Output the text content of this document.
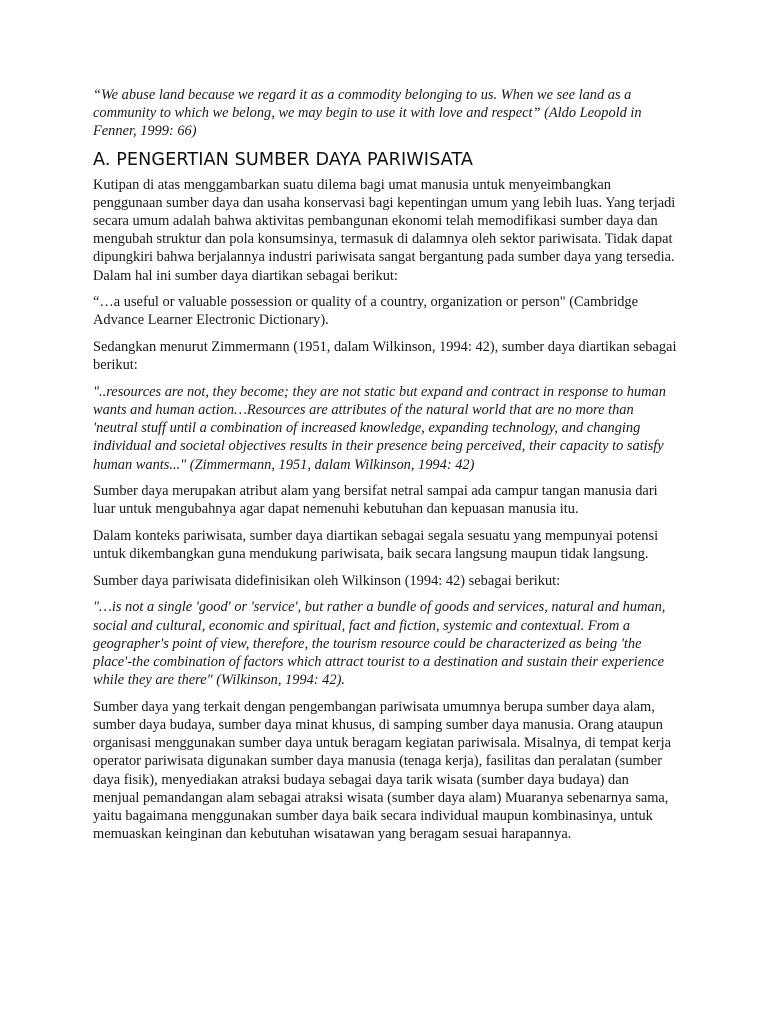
“We abuse land because we regard it as a commodity belonging to us. When we see land as a community to which we belong, we may begin to use it with love and respect” (Aldo Leopold in Fenner, 1999: 66)

A. PENGERTIAN SUMBER DAYA PARIWISATA

Kutipan di atas menggambarkan suatu dilema bagi umat manusia untuk menyeimbangkan penggunaan sumber daya dan usaha konservasi bagi kepentingan umum yang lebih luas. Yang terjadi secara umum adalah bahwa aktivitas pembangunan ekonomi telah memodifikasi sumber daya dan mengubah struktur dan pola konsumsinya, termasuk di dalamnya oleh sektor pariwisata. Tidak dapat dipungkiri bahwa berjalannya industri pariwisata sangat bergantung pada sumber daya yang tersedia. Dalam hal ini sumber daya diartikan sebagai berikut:

“…a useful or valuable possession or quality of a country, organization or person" (Cambridge Advance Learner Electronic Dictionary).

Sedangkan menurut Zimmermann (1951, dalam Wilkinson, 1994: 42), sumber daya diartikan sebagai berikut:

"..resources are not, they become; they are not static but expand and contract in response to human wants and human action…Resources are attributes of the natural world that are no more than 'neutral stuff until a combination of increased knowledge, expanding technology, and changing individual and societal objectives results in their presence being perceived, their capacity to satisfy human wants..." (Zimmermann, 1951, dalam Wilkinson, 1994: 42)

Sumber daya merupakan atribut alam yang bersifat netral sampai ada campur tangan manusia dari luar untuk mengubahnya agar dapat nemenuhi kebutuhan dan kepuasan manusia itu.

Dalam konteks pariwisata, sumber daya diartikan sebagai segala sesuatu yang mempunyai potensi untuk dikembangkan guna mendukung pariwisata, baik secara langsung maupun tidak langsung.

Sumber daya pariwisata didefinisikan oleh Wilkinson (1994: 42) sebagai berikut:

"…is not a single 'good' or 'service', but rather a bundle of goods and services, natural and human, social and cultural, economic and spiritual, fact and fiction, systemic and contextual. From a geographer's point of view, therefore, the tourism resource could be characterized as being 'the place'-the combination of factors which attract tourist to a destination and sustain their experience while they are there" (Wilkinson, 1994: 42).

Sumber daya yang terkait dengan pengembangan pariwisata umumnya berupa sumber daya alam, sumber daya budaya, sumber daya minat khusus, di samping sumber daya manusia. Orang ataupun organisasi menggunakan sumber daya untuk beragam kegiatan pariwisala. Misalnya, di tempat kerja operator pariwisata digunakan sumber daya manusia (tenaga kerja), fasilitas dan peralatan (sumber daya fisik), menyediakan atraksi budaya sebagai daya tarik wisata (sumber daya budaya) dan menjual pemandangan alam sebagai atraksi wisata (sumber daya alam) Muaranya sebenarnya sama, yaitu bagaimana menggunakan sumber daya baik secara individual maupun kombinasinya, untuk memuaskan keinginan dan kebutuhan wisatawan yang beragam sesuai harapannya.
